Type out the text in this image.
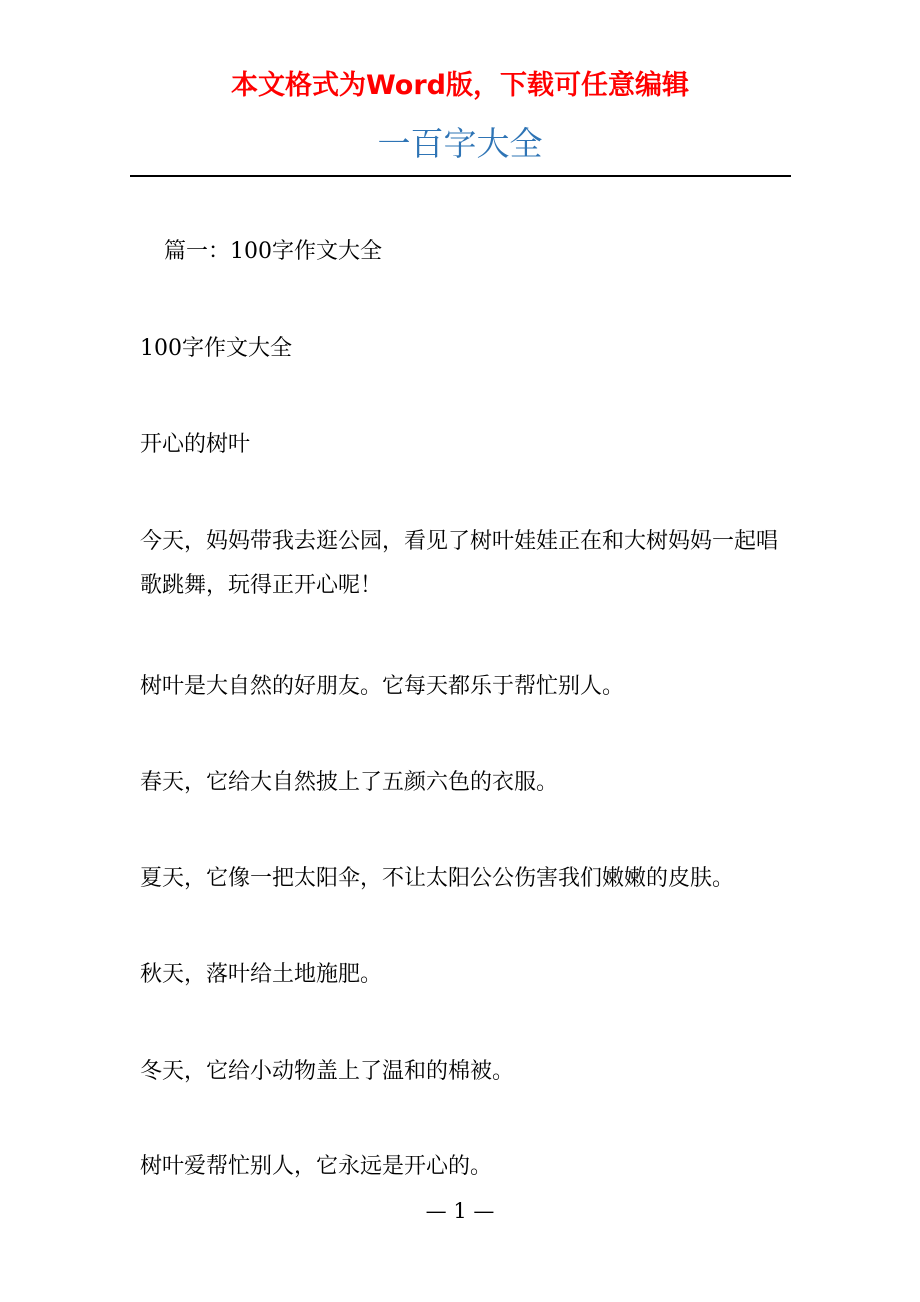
本文格式为Word版，下载可任意编辑
一百字大全
篇一：100字作文大全
100字作文大全
开心的树叶
今天，妈妈带我去逛公园，看见了树叶娃娃正在和大树妈妈一起唱歌跳舞，玩得正开心呢！
树叶是大自然的好朋友。它每天都乐于帮忙别人。
春天，它给大自然披上了五颜六色的衣服。
夏天，它像一把太阳伞，不让太阳公公伤害我们嫩嫩的皮肤。
秋天，落叶给土地施肥。
冬天，它给小动物盖上了温和的棉被。
树叶爱帮忙别人，它永远是开心的。
— 1 —
